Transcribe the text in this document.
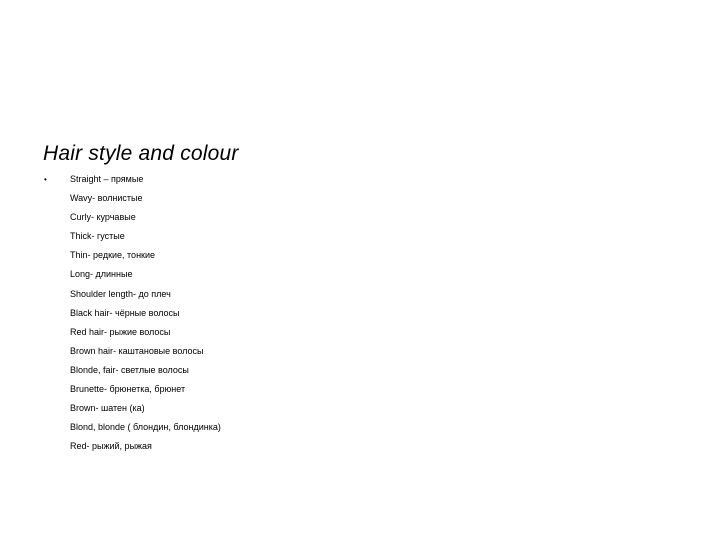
Hair style and colour
•	Straight – прямые
Wavy- волнистые
Curly- курчавые
Thick- густые
Thin- редкие, тонкие
Long- длинные
Shoulder length- до плеч
Black hair- чёрные волосы
Red hair- рыжие волосы
Brown hair- каштановые волосы
Blonde, fair- светлые волосы
Brunette- брюнетка, брюнет
Brown- шатен (ка)
Blond, blonde ( блондин, блондинка)
Red- рыжий, рыжая
